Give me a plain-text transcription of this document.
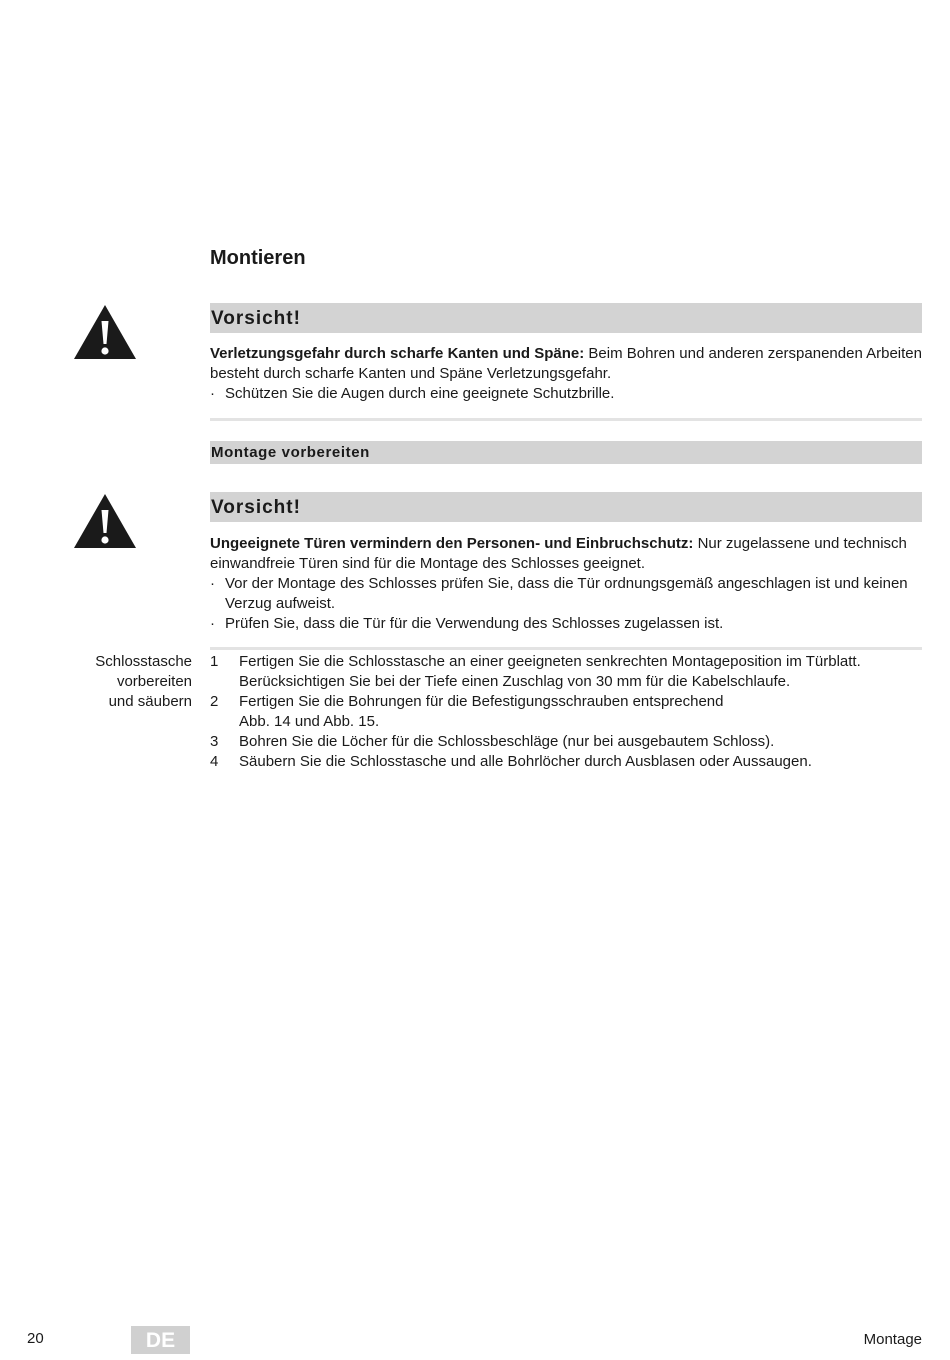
Montieren
Vorsicht!

Verletzungsgefahr durch scharfe Kanten und Späne: Beim Bohren und anderen zerspanenden Arbeiten besteht durch scharfe Kanten und Späne Verletzungsgefahr.

· Schützen Sie die Augen durch eine geeignete Schutzbrille.
Montage vorbereiten
Vorsicht!

Ungeeignete Türen vermindern den Personen- und Einbruchschutz: Nur zugelassene und technisch einwandfreie Türen sind für die Montage des Schlosses geeignet.

· Vor der Montage des Schlosses prüfen Sie, dass die Tür ordnungsgemäß angeschlagen ist und keinen Verzug aufweist.
· Prüfen Sie, dass die Tür für die Verwendung des Schlosses zugelassen ist.
Schlosstasche
vorbereiten
und säubern
1	Fertigen Sie die Schlosstasche an einer geeigneten senkrechten Montageposition im Türblatt. Berücksichtigen Sie bei der Tiefe einen Zuschlag von 30 mm für die Kabelschlaufe.
2	Fertigen Sie die Bohrungen für die Befestigungsschrauben entsprechend Abb. 14 und Abb. 15.
3	Bohren Sie die Löcher für die Schlossbeschläge (nur bei ausgebautem Schloss).
4	Säubern Sie die Schlosstasche und alle Bohrlöcher durch Ausblasen oder Aussaugen.
20	DE	Montage
